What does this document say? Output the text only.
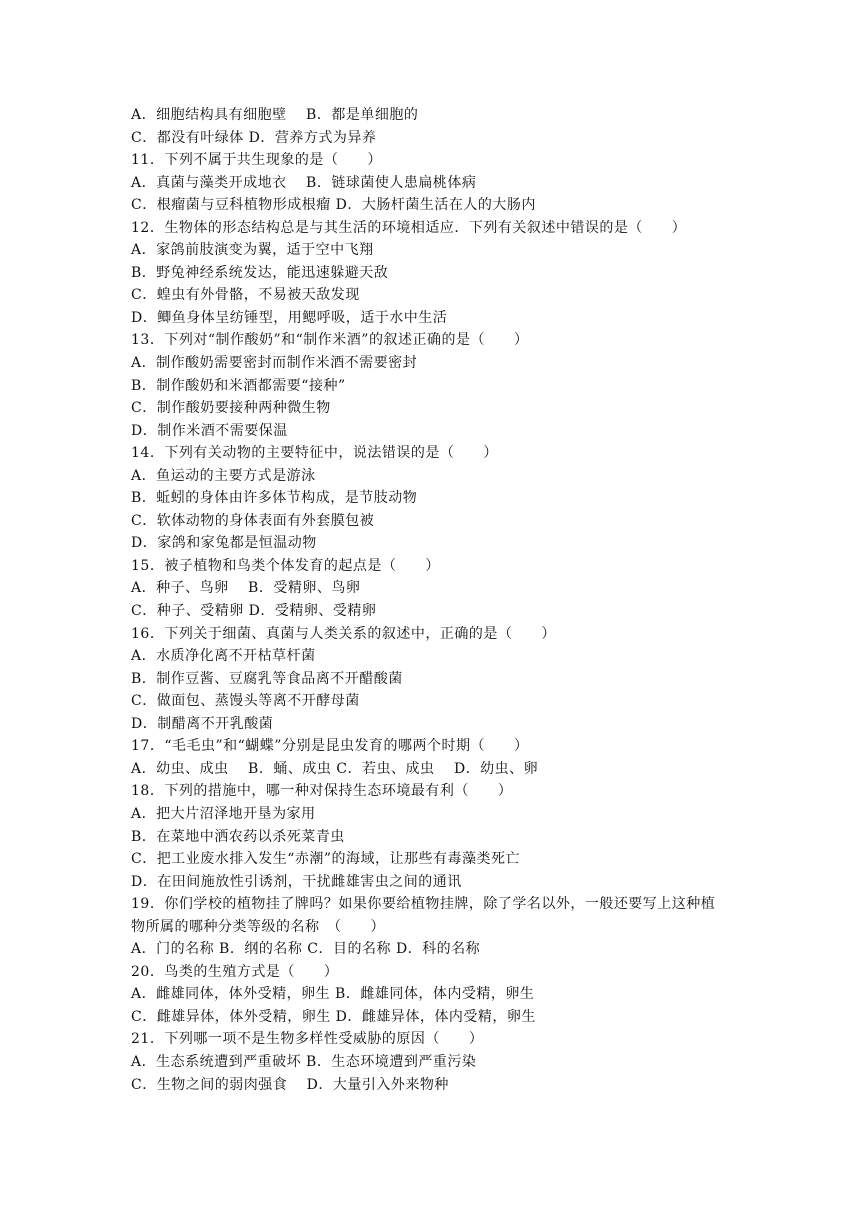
A．细胞结构具有细胞壁　 B．都是单细胞的
C．都没有叶绿体 D．营养方式为异养
11．下列不属于共生现象的是（　　）
A．真菌与藻类开成地衣　 B．链球菌使人患扁桃体病
C．根瘤菌与豆科植物形成根瘤 D．大肠杆菌生活在人的大肠内
12．生物体的形态结构总是与其生活的环境相适应．下列有关叙述中错误的是（　　）
A．家鸽前肢演变为翼，适于空中飞翔
B．野兔神经系统发达，能迅速躲避天敌
C．蝗虫有外骨骼，不易被天敌发现
D．鲫鱼身体呈纺锤型，用鳃呼吸，适于水中生活
13．下列对“制作酸奶”和“制作米酒”的叙述正确的是（　　）
A．制作酸奶需要密封而制作米酒不需要密封
B．制作酸奶和米酒都需要“接种”
C．制作酸奶要接种两种微生物
D．制作米酒不需要保温
14．下列有关动物的主要特征中，说法错误的是（　　）
A．鱼运动的主要方式是游泳
B．蚯蚓的身体由许多体节构成，是节肢动物
C．软体动物的身体表面有外套膜包被
D．家鸽和家兔都是恒温动物
15．被子植物和鸟类个体发育的起点是（　　）
A．种子、鸟卵　 B．受精卵、鸟卵
C．种子、受精卵 D．受精卵、受精卵
16．下列关于细菌、真菌与人类关系的叙述中，正确的是（　　）
A．水质净化离不开枯草杆菌
B．制作豆酱、豆腐乳等食品离不开醋酸菌
C．做面包、蒸馒头等离不开酵母菌
D．制醋离不开乳酸菌
17．“毛毛虫”和“蝴蝶”分别是昆虫发育的哪两个时期（　　）
A．幼虫、成虫　 B．蛹、成虫 C．若虫、成虫　 D．幼虫、卵
18．下列的措施中，哪一种对保持生态环境最有利（　　）
A．把大片沼泽地开垦为家用
B．在菜地中洒农药以杀死菜青虫
C．把工业废水排入发生“赤潮”的海域，让那些有毒藻类死亡
D．在田间施放性引诱剂，干扰雌雄害虫之间的通讯
19．你们学校的植物挂了牌吗？如果你要给植物挂牌，除了学名以外，一般还要写上这种植
物所属的哪种分类等级的名称　（　　）
A．门的名称 B．纲的名称 C．目的名称 D．科的名称
20．鸟类的生殖方式是（　　）
A．雌雄同体，体外受精，卵生 B．雌雄同体，体内受精，卵生
C．雌雄异体，体外受精，卵生 D．雌雄异体，体内受精，卵生
21．下列哪一项不是生物多样性受威胁的原因（　　）
A．生态系统遭到严重破坏 B．生态环境遭到严重污染
C．生物之间的弱肉强食　 D．大量引入外来物种
